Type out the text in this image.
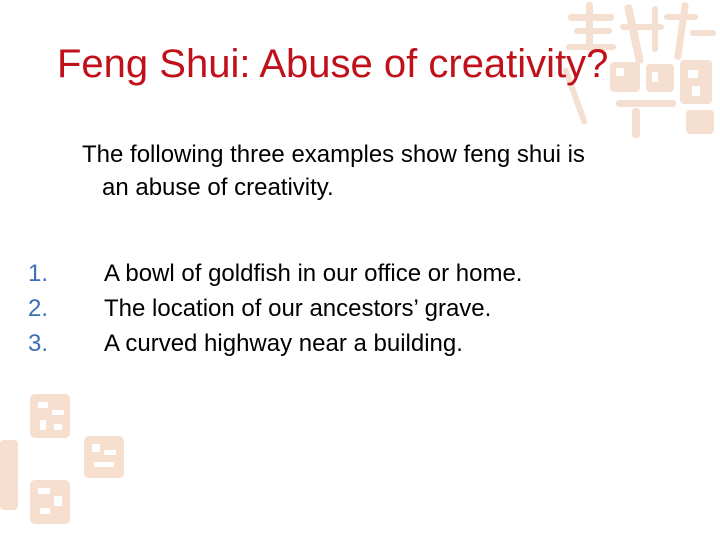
Feng Shui: Abuse of creativity?

The following three examples show feng shui is
an abuse of creativity.

1. A bowl of goldfish in our office or home.
2. The location of our ancestors’ grave.
3. A curved highway near a building.
